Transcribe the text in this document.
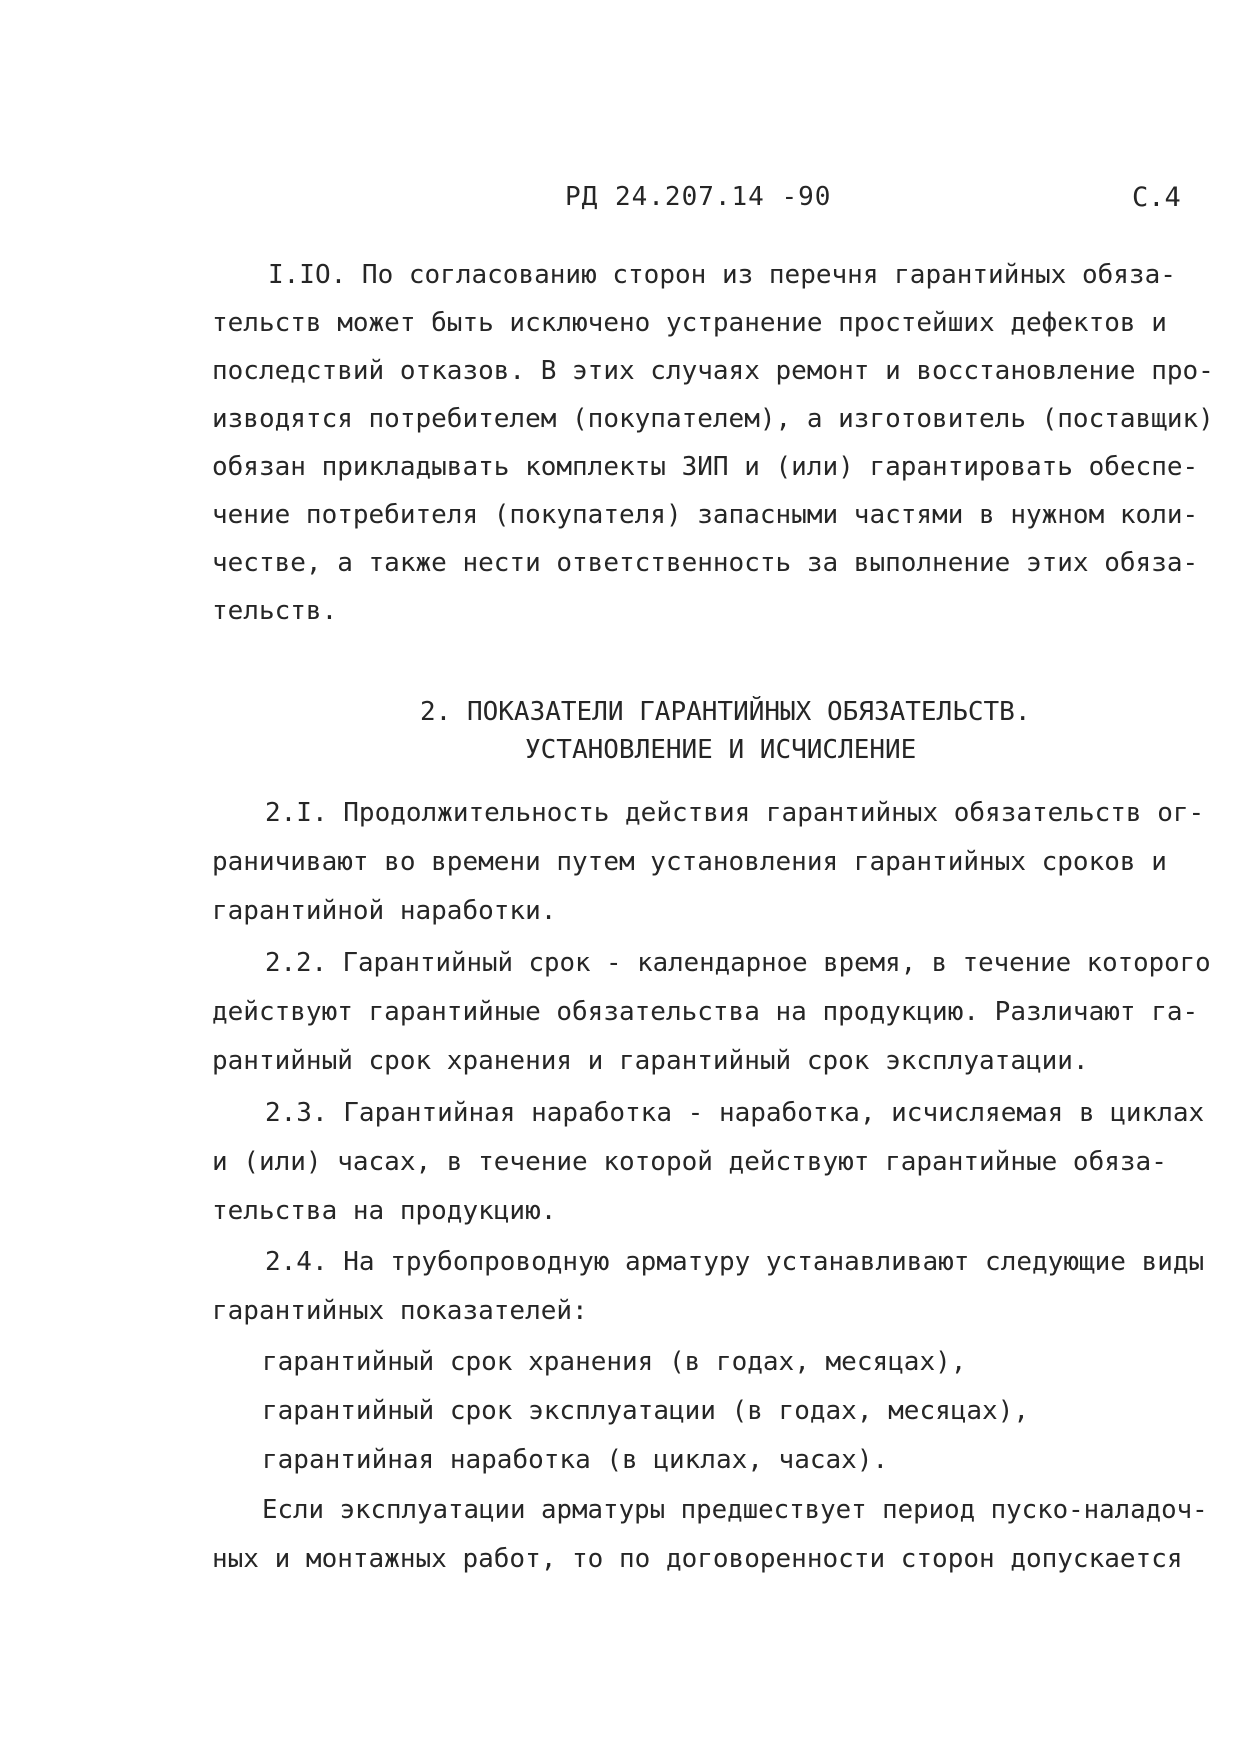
РД 24.207.14 -90	С.4
I.IO. По согласованию сторон из перечня гарантийных обяза-
тельств может быть исключено устранение простейших дефектов и
последствий отказов. В этих случаях ремонт и восстановление про-
изводятся потребителем (покупателем), а изготовитель (поставщик)
обязан прикладывать комплекты ЗИП и (или) гарантировать обеспе-
чение потребителя (покупателя) запасными частями в нужном коли-
честве, а также нести ответственность за выполнение этих обяза-
тельств.
2. ПОКАЗАТЕЛИ ГАРАНТИЙНЫХ ОБЯЗАТЕЛЬСТВ.
УСТАНОВЛЕНИЕ И ИСЧИСЛЕНИЕ
2.I. Продолжительность действия гарантийных обязательств ог-
раничивают во времени путем установления гарантийных сроков и
гарантийной наработки.
2.2. Гарантийный срок - календарное время, в течение которого
действуют гарантийные обязательства на продукцию. Различают га-
рантийный срок хранения и гарантийный срок эксплуатации.
2.3. Гарантийная наработка - наработка, исчисляемая в циклах
и (или) часах, в течение которой действуют гарантийные обяза-
тельства на продукцию.
2.4. На трубопроводную арматуру устанавливают следующие виды
гарантийных показателей:
гарантийный срок хранения (в годах, месяцах),
гарантийный срок эксплуатации (в годах, месяцах),
гарантийная наработка (в циклах, часах).
Если эксплуатации арматуры предшествует период пуско-наладоч-
ных и монтажных работ, то по договоренности сторон допускается
